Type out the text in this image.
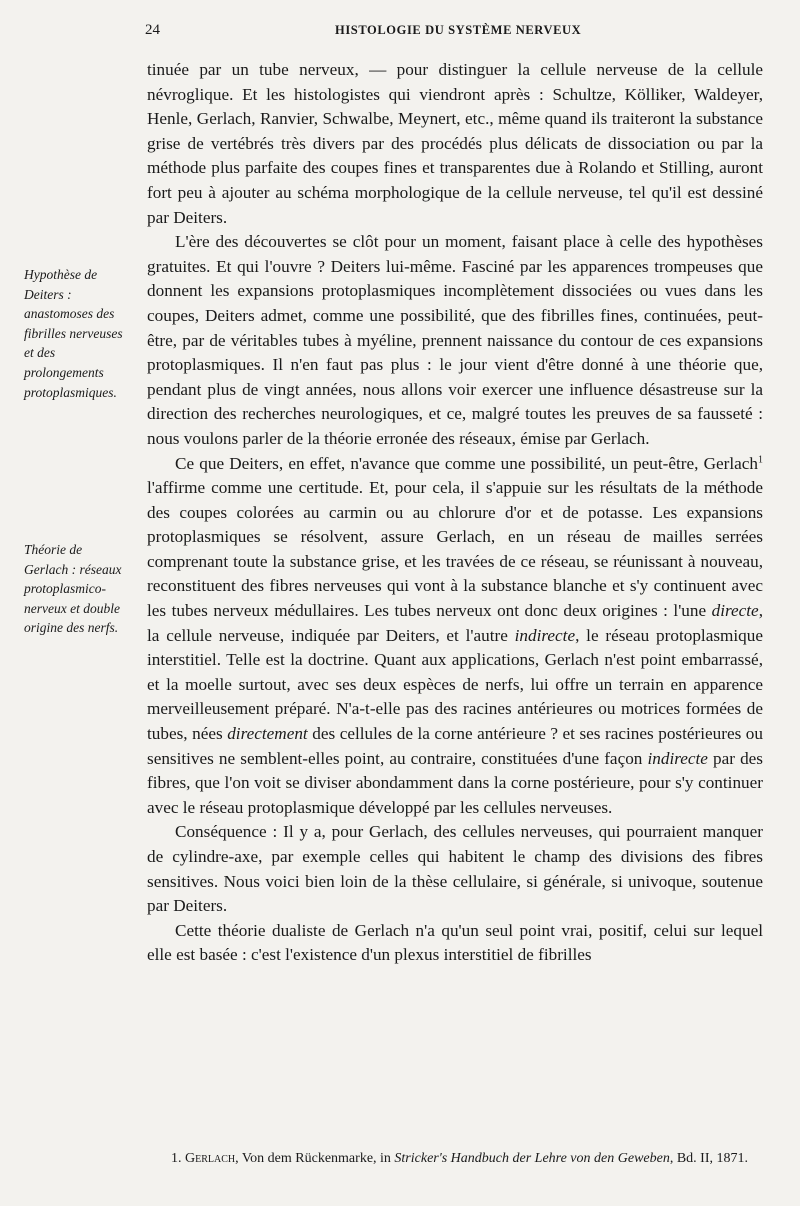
24	HISTOLOGIE DU SYSTÈME NERVEUX
Hypothèse de Deiters : anastomoses des fibrilles nerveuses et des prolongements protoplasmiques.
Théorie de Gerlach : réseaux protoplasmico-nerveux et double origine des nerfs.

tinuée par un tube nerveux, — pour distinguer la cellule nerveuse de la cellule névroglique. Et les histologistes qui viendront après : Schultze, Kölliker, Waldeyer, Henle, Gerlach, Ranvier, Schwalbe, Meynert, etc., même quand ils traiteront la substance grise de vertébrés très divers par des procédés plus délicats de dissociation ou par la méthode plus parfaite des coupes fines et transparentes due à Rolando et Stilling, auront fort peu à ajouter au schéma morphologique de la cellule nerveuse, tel qu'il est dessiné par Deiters.

L'ère des découvertes se clôt pour un moment, faisant place à celle des hypothèses gratuites. Et qui l'ouvre ? Deiters lui-même. Fasciné par les apparences trompeuses que donnent les expansions protoplasmiques incomplètement dissociées ou vues dans les coupes, Deiters admet, comme une possibilité, que des fibrilles fines, continuées, peut-être, par de véritables tubes à myéline, prennent naissance du contour de ces expansions protoplasmiques. Il n'en faut pas plus : le jour vient d'être donné à une théorie que, pendant plus de vingt années, nous allons voir exercer une influence désastreuse sur la direction des recherches neurologiques, et ce, malgré toutes les preuves de sa fausseté : nous voulons parler de la théorie erronée des réseaux, émise par Gerlach.

Ce que Deiters, en effet, n'avance que comme une possibilité, un peut-être, Gerlach$^1$ l'affirme comme une certitude. Et, pour cela, il s'appuie sur les résultats de la méthode des coupes colorées au carmin ou au chlorure d'or et de potasse. Les expansions protoplasmiques se résolvent, assure Gerlach, en un réseau de mailles serrées comprenant toute la substance grise, et les travées de ce réseau, se réunissant à nouveau, reconstituent des fibres nerveuses qui vont à la substance blanche et s'y continuent avec les tubes nerveux médullaires. Les tubes nerveux ont donc deux origines : l'une directe, la cellule nerveuse, indiquée par Deiters, et l'autre indirecte, le réseau protoplasmique interstitiel. Telle est la doctrine. Quant aux applications, Gerlach n'est point embarrassé, et la moelle surtout, avec ses deux espèces de nerfs, lui offre un terrain en apparence merveilleusement préparé. N'a-t-elle pas des racines antérieures ou motrices formées de tubes, nées directement des cellules de la corne antérieure ? et ses racines postérieures ou sensitives ne semblent-elles point, au contraire, constituées d'une façon indirecte par des fibres, que l'on voit se diviser abondamment dans la corne postérieure, pour s'y continuer avec le réseau protoplasmique développé par les cellules nerveuses.

Conséquence : Il y a, pour Gerlach, des cellules nerveuses, qui pourraient manquer de cylindre-axe, par exemple celles qui habitent le champ des divisions des fibres sensitives. Nous voici bien loin de la thèse cellulaire, si générale, si univoque, soutenue par Deiters.

Cette théorie dualiste de Gerlach n'a qu'un seul point vrai, positif, celui sur lequel elle est basée : c'est l'existence d'un plexus interstitiel de fibrilles

1. Gerlach, Von dem Rückenmarke, in Stricker's Handbuch der Lehre von den Geweben, Bd. II, 1871.
